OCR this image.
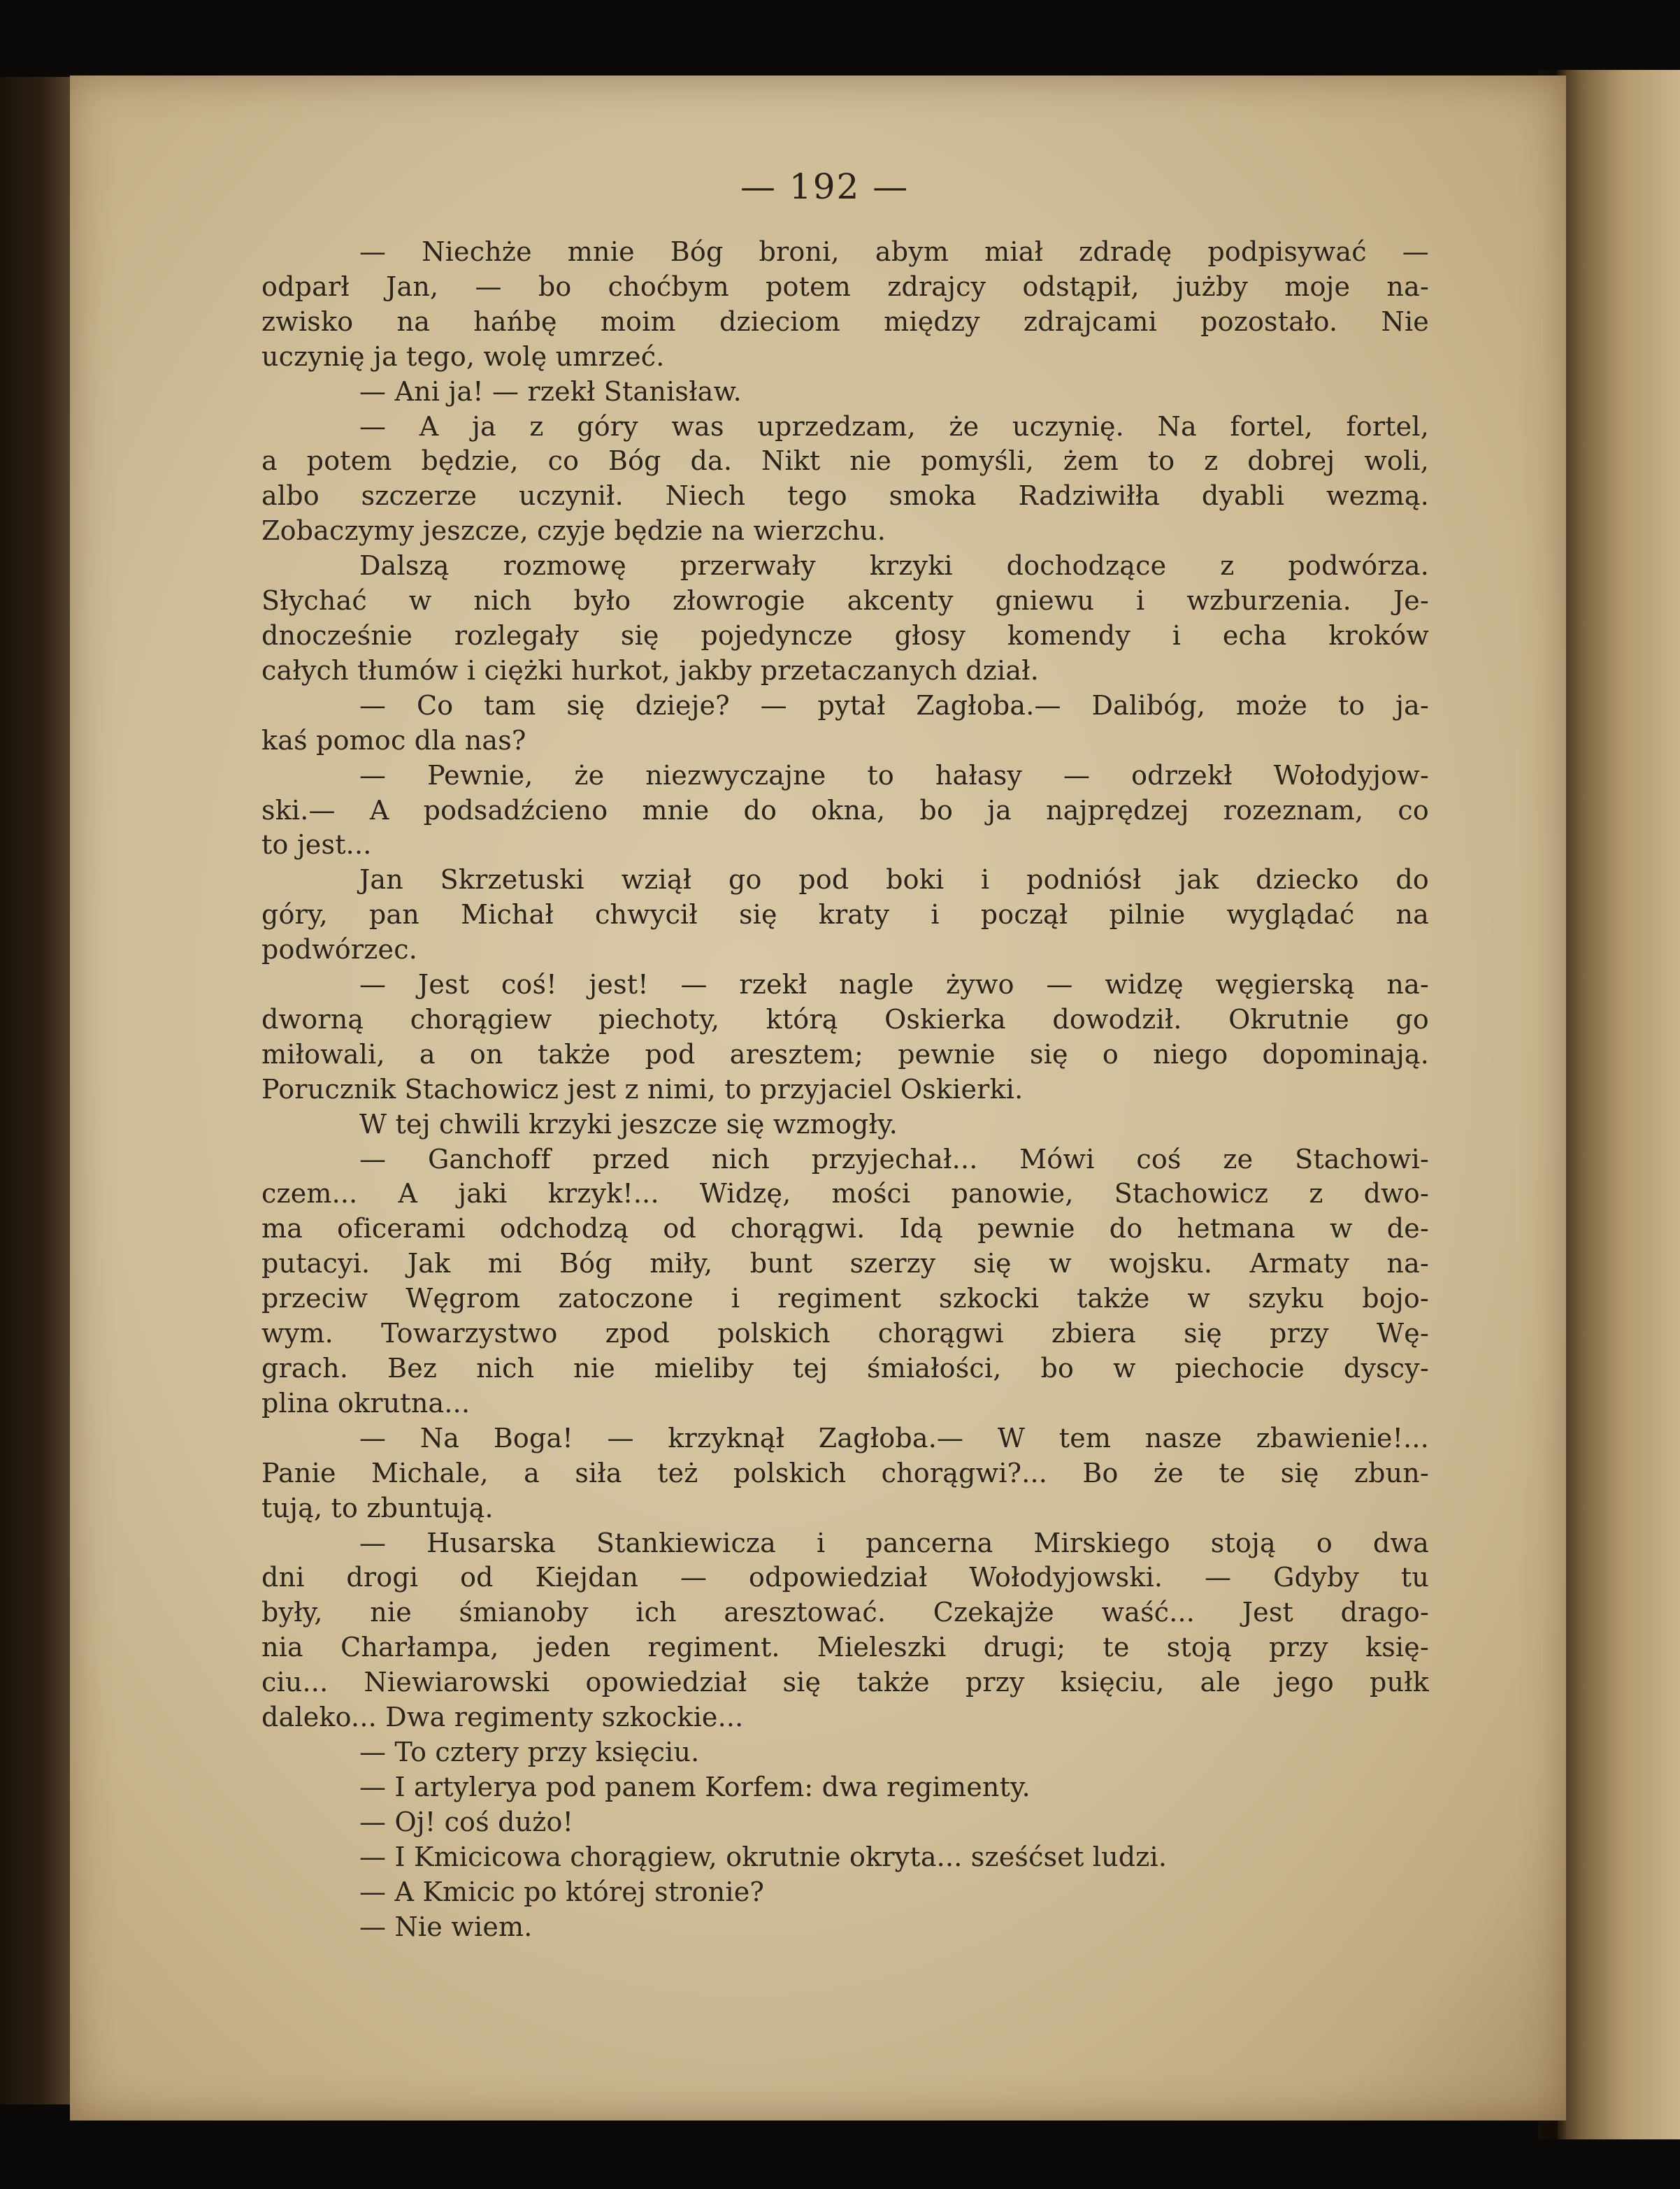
— 192 —
— Niechże mnie Bóg broni, abym miał zdradę podpisywać —
odparł Jan, — bo choćbym potem zdrajcy odstąpił, jużby moje na-
zwisko na hańbę moim dzieciom między zdrajcami pozostało. Nie
uczynię ja tego, wolę umrzeć.
— Ani ja! — rzekł Stanisław.
— A ja z góry was uprzedzam, że uczynię. Na fortel, fortel,
a potem będzie, co Bóg da. Nikt nie pomyśli, żem to z dobrej woli,
albo szczerze uczynił. Niech tego smoka Radziwiłła dyabli wezmą.
Zobaczymy jeszcze, czyje będzie na wierzchu.
Dalszą rozmowę przerwały krzyki dochodzące z podwórza.
Słychać w nich było złowrogie akcenty gniewu i wzburzenia. Je-
dnocześnie rozlegały się pojedyncze głosy komendy i echa kroków
całych tłumów i ciężki hurkot, jakby przetaczanych dział.
— Co tam się dzieje? — pytał Zagłoba.— Dalibóg, może to ja-
kaś pomoc dla nas?
— Pewnie, że niezwyczajne to hałasy — odrzekł Wołodyjow-
ski.— A podsadźcieno mnie do okna, bo ja najprędzej rozeznam, co
to jest...
Jan Skrzetuski wziął go pod boki i podniósł jak dziecko do
góry, pan Michał chwycił się kraty i począł pilnie wyglądać na
podwórzec.
— Jest coś! jest! — rzekł nagle żywo — widzę węgierską na-
dworną chorągiew piechoty, którą Oskierka dowodził. Okrutnie go
miłowali, a on także pod aresztem; pewnie się o niego dopominają.
Porucznik Stachowicz jest z nimi, to przyjaciel Oskierki.
W tej chwili krzyki jeszcze się wzmogły.
— Ganchoff przed nich przyjechał... Mówi coś ze Stachowi-
czem... A jaki krzyk!... Widzę, mości panowie, Stachowicz z dwo-
ma oficerami odchodzą od chorągwi. Idą pewnie do hetmana w de-
putacyi. Jak mi Bóg miły, bunt szerzy się w wojsku. Armaty na-
przeciw Węgrom zatoczone i regiment szkocki także w szyku bojo-
wym. Towarzystwo zpod polskich chorągwi zbiera się przy Wę-
grach. Bez nich nie mieliby tej śmiałości, bo w piechocie dyscy-
plina okrutna...
— Na Boga! — krzyknął Zagłoba.— W tem nasze zbawienie!...
Panie Michale, a siła też polskich chorągwi?... Bo że te się zbun-
tują, to zbuntują.
— Husarska Stankiewicza i pancerna Mirskiego stoją o dwa
dni drogi od Kiejdan — odpowiedział Wołodyjowski. — Gdyby tu
były, nie śmianoby ich aresztować. Czekajże waść... Jest drago-
nia Charłampa, jeden regiment. Mieleszki drugi; te stoją przy księ-
ciu... Niewiarowski opowiedział się także przy księciu, ale jego pułk
daleko... Dwa regimenty szkockie...
— To cztery przy księciu.
— I artylerya pod panem Korfem: dwa regimenty.
— Oj! coś dużo!
— I Kmicicowa chorągiew, okrutnie okryta... sześćset ludzi.
— A Kmicic po której stronie?
— Nie wiem.
